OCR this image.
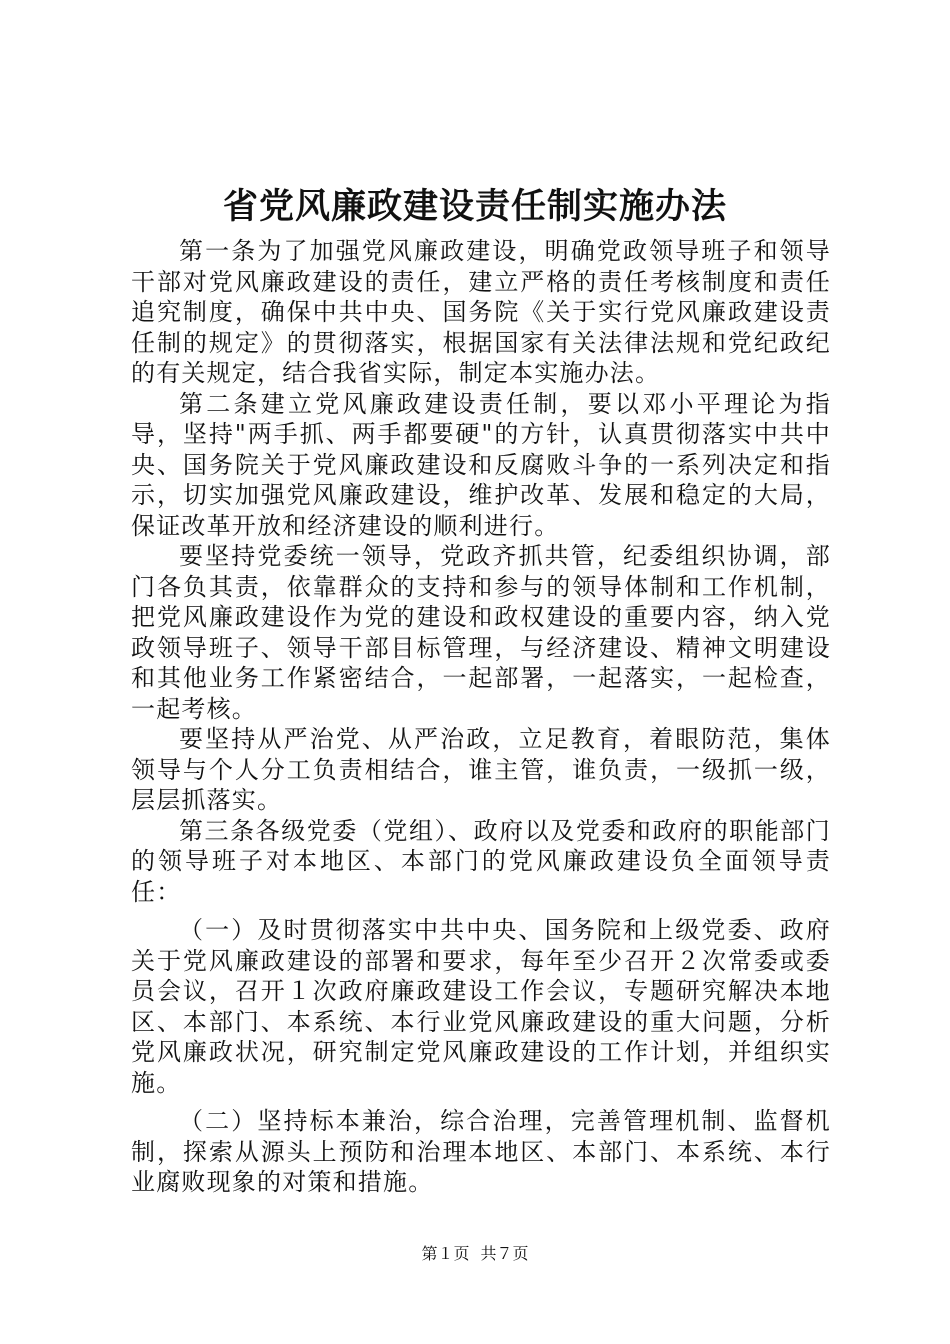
省党风廉政建设责任制实施办法

第一条为了加强党风廉政建设，明确党政领导班子和领导干部对党风廉政建设的责任，建立严格的责任考核制度和责任追究制度，确保中共中央、国务院《关于实行党风廉政建设责任制的规定》的贯彻落实，根据国家有关法律法规和党纪政纪的有关规定，结合我省实际，制定本实施办法。

第二条建立党风廉政建设责任制，要以邓小平理论为指导，坚持"两手抓、两手都要硬"的方针，认真贯彻落实中共中央、国务院关于党风廉政建设和反腐败斗争的一系列决定和指示，切实加强党风廉政建设，维护改革、发展和稳定的大局，保证改革开放和经济建设的顺利进行。

要坚持党委统一领导，党政齐抓共管，纪委组织协调，部门各负其责，依靠群众的支持和参与的领导体制和工作机制，把党风廉政建设作为党的建设和政权建设的重要内容，纳入党政领导班子、领导干部目标管理，与经济建设、精神文明建设和其他业务工作紧密结合，一起部署，一起落实，一起检查，一起考核。

要坚持从严治党、从严治政，立足教育，着眼防范，集体领导与个人分工负责相结合，谁主管，谁负责，一级抓一级，层层抓落实。

第三条各级党委（党组）、政府以及党委和政府的职能部门的领导班子对本地区、本部门的党风廉政建设负全面领导责任：

（一）及时贯彻落实中共中央、国务院和上级党委、政府关于党风廉政建设的部署和要求，每年至少召开２次常委或委员会议，召开１次政府廉政建设工作会议，专题研究解决本地区、本部门、本系统、本行业党风廉政建设的重大问题，分析党风廉政状况，研究制定党风廉政建设的工作计划，并组织实施。

（二）坚持标本兼治，综合治理，完善管理机制、监督机制，探索从源头上预防和治理本地区、本部门、本系统、本行业腐败现象的对策和措施。

第１页 共７页
